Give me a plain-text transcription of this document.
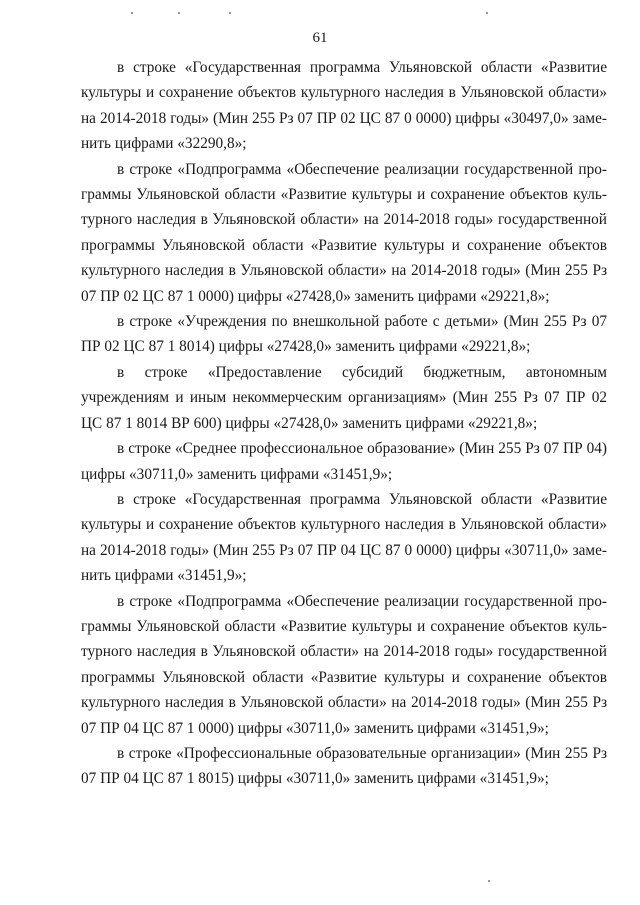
61

в строке «Государственная программа Ульяновской области «Развитие культуры и сохранение объектов культурного наследия в Ульяновской области» на 2014-2018 годы» (Мин 255 Рз 07 ПР 02 ЦС 87 0 0000) цифры «30497,0» заменить цифрами «32290,8»;

в строке «Подпрограмма «Обеспечение реализации государственной программы Ульяновской области «Развитие культуры и сохранение объектов культурного наследия в Ульяновской области» на 2014-2018 годы» государственной программы Ульяновской области «Развитие культуры и сохранение объектов культурного наследия в Ульяновской области» на 2014-2018 годы» (Мин 255 Рз 07 ПР 02 ЦС 87 1 0000) цифры «27428,0» заменить цифрами «29221,8»;

в строке «Учреждения по внешкольной работе с детьми» (Мин 255 Рз 07 ПР 02 ЦС 87 1 8014) цифры «27428,0» заменить цифрами «29221,8»;

в строке «Предоставление субсидий бюджетным, автономным учреждениям и иным некоммерческим организациям» (Мин 255 Рз 07 ПР 02 ЦС 87 1 8014 ВР 600) цифры «27428,0» заменить цифрами «29221,8»;

в строке «Среднее профессиональное образование» (Мин 255 Рз 07 ПР 04) цифры «30711,0» заменить цифрами «31451,9»;

в строке «Государственная программа Ульяновской области «Развитие культуры и сохранение объектов культурного наследия в Ульяновской области» на 2014-2018 годы» (Мин 255 Рз 07 ПР 04 ЦС 87 0 0000) цифры «30711,0» заменить цифрами «31451,9»;

в строке «Подпрограмма «Обеспечение реализации государственной программы Ульяновской области «Развитие культуры и сохранение объектов культурного наследия в Ульяновской области» на 2014-2018 годы» государственной программы Ульяновской области «Развитие культуры и сохранение объектов культурного наследия в Ульяновской области» на 2014-2018 годы» (Мин 255 Рз 07 ПР 04 ЦС 87 1 0000) цифры «30711,0» заменить цифрами «31451,9»;

в строке «Профессиональные образовательные организации» (Мин 255 Рз 07 ПР 04 ЦС 87 1 8015) цифры «30711,0» заменить цифрами «31451,9»;
